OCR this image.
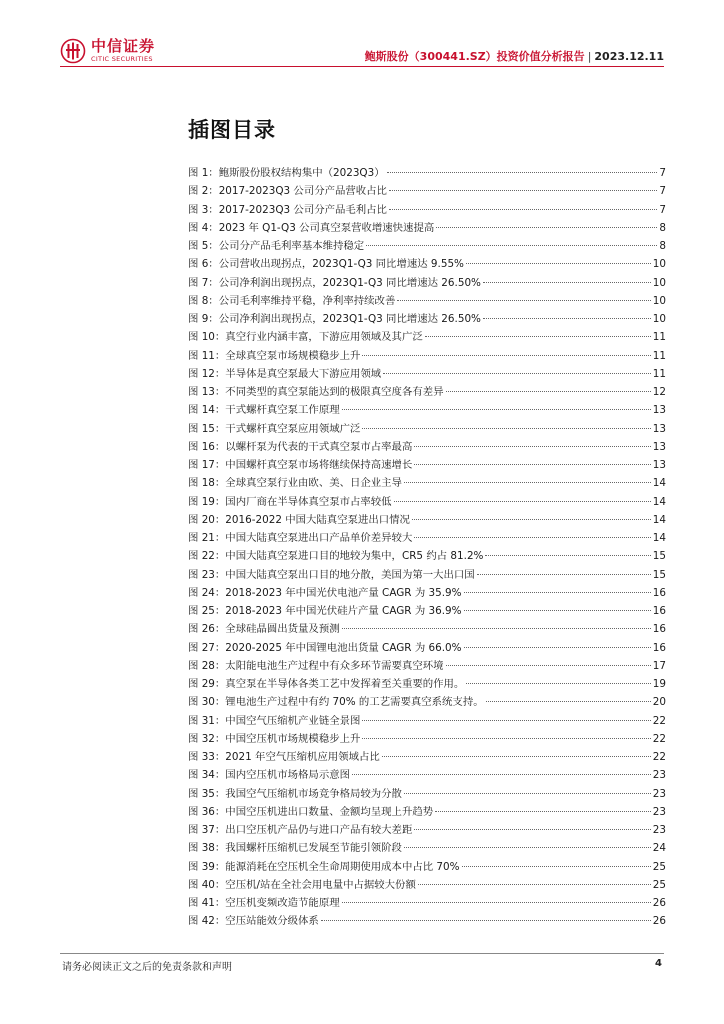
中信证券
CITIC SECURITIES	鲍斯股份（300441.SZ）投资价值分析报告 | 2023.12.11
插图目录
图 1：鲍斯股份股权结构集中（2023Q3）	7
图 2：2017-2023Q3 公司分产品营收占比	7
图 3：2017-2023Q3 公司分产品毛利占比	7
图 4：2023 年 Q1-Q3 公司真空泵营收增速快速提高	8
图 5：公司分产品毛利率基本维持稳定	8
图 6：公司营收出现拐点，2023Q1-Q3 同比增速达 9.55%	10
图 7：公司净利润出现拐点，2023Q1-Q3 同比增速达 26.50%	10
图 8：公司毛利率维持平稳，净利率持续改善	10
图 9：公司净利润出现拐点，2023Q1-Q3 同比增速达 26.50%	10
图 10：真空行业内涵丰富，下游应用领域及其广泛	11
图 11：全球真空泵市场规模稳步上升	11
图 12：半导体是真空泵最大下游应用领域	11
图 13：不同类型的真空泵能达到的极限真空度各有差异	12
图 14：干式螺杆真空泵工作原理	13
图 15：干式螺杆真空泵应用领域广泛	13
图 16：以螺杆泵为代表的干式真空泵市占率最高	13
图 17：中国螺杆真空泵市场将继续保持高速增长	13
图 18：全球真空泵行业由欧、美、日企业主导	14
图 19：国内厂商在半导体真空泵市占率较低	14
图 20：2016-2022 中国大陆真空泵进出口情况	14
图 21：中国大陆真空泵进出口产品单价差异较大	14
图 22：中国大陆真空泵进口目的地较为集中，CR5 约占 81.2%	15
图 23：中国大陆真空泵出口目的地分散，美国为第一大出口国	15
图 24：2018-2023 年中国光伏电池产量 CAGR 为 35.9%	16
图 25：2018-2023 年中国光伏硅片产量 CAGR 为 36.9%	16
图 26：全球硅晶圆出货量及预测	16
图 27：2020-2025 年中国锂电池出货量 CAGR 为 66.0%	16
图 28：太阳能电池生产过程中有众多环节需要真空环境	17
图 29：真空泵在半导体各类工艺中发挥着至关重要的作用。	19
图 30：锂电池生产过程中有约 70% 的工艺需要真空系统支持。	20
图 31：中国空气压缩机产业链全景图	22
图 32：中国空压机市场规模稳步上升	22
图 33：2021 年空气压缩机应用领域占比	22
图 34：国内空压机市场格局示意图	23
图 35：我国空气压缩机市场竞争格局较为分散	23
图 36：中国空压机进出口数量、金额均呈现上升趋势	23
图 37：出口空压机产品仍与进口产品有较大差距	23
图 38：我国螺杆压缩机已发展至节能引领阶段	24
图 39：能源消耗在空压机全生命周期使用成本中占比 70%	25
图 40：空压机/站在全社会用电量中占据较大份额	25
图 41：空压机变频改造节能原理	26
图 42：空压站能效分级体系	26
请务必阅读正文之后的免责条款和声明	4
